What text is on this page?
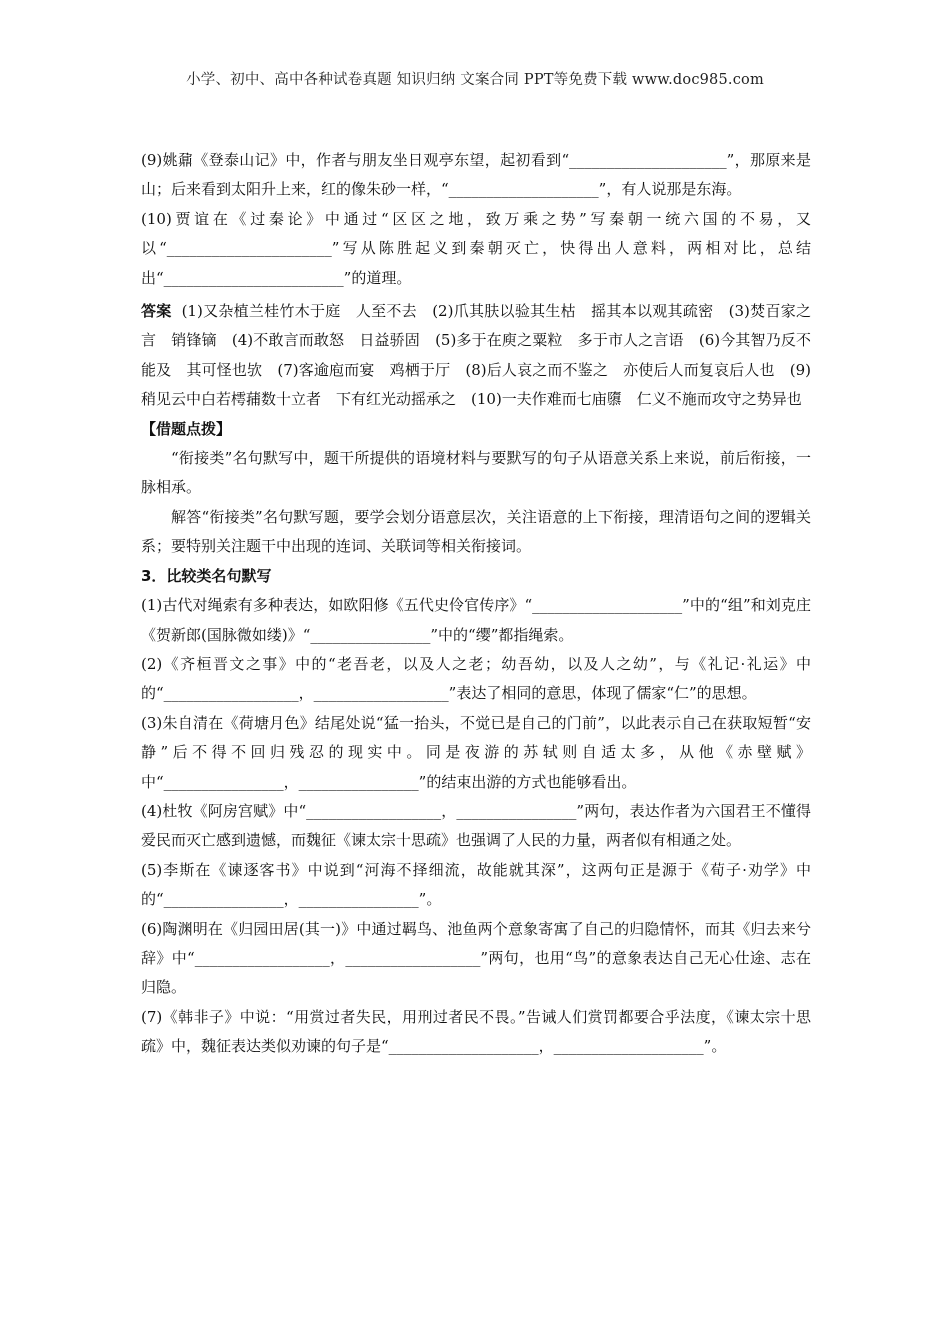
小学、初中、高中各种试卷真题 知识归纳 文案合同 PPT等免费下载 www.doc985.com

(9)姚鼐《登泰山记》中，作者与朋友坐日观亭东望，起初看到“____________________​_”，那原来是山；后来看到太阳升上来，红的像朱砂一样，“____________________”，有人说那是东海。

(10)贾谊在《过秦论》中通过“区区之地，致万乘之势”写秦朝一统六国的不易，又以“______________________”写从陈胜起义到秦朝灭亡，快得出人意料，两相对比，总结出“________________________”的道理。

答案 (1)又杂植兰桂竹木于庭　人至不去　(2)爪其肤以验其生枯　摇其本以观其疏密　(3)焚百家之言　销锋镝　(4)不敢言而敢怒　日益骄固　(5)多于在庾之粟粒　多于市人之言语　(6)今其智乃反不能及　其可怪也欤　(7)客逾庖而宴　鸡栖于厅　(8)后人哀之而不鉴之　亦使后人而复哀后人也　(9)稍见云中白若樗蒱数十立者　下有红光动摇承之　(10)一夫作难而七庙隳　仁义不施而攻守之势异也

【借题点拨】

“衔接类”名句默写中，题干所提供的语境材料与要默写的句子从语意关系上来说，前后衔接，一脉相承。

解答“衔接类”名句默写题，要学会划分语意层次，关注语意的上下衔接，理清语句之间的逻辑关系；要特别关注题干中出现的连词、关联词等相关衔接词。

3．比较类名句默写

(1)古代对绳索有多种表达，如欧阳修《五代史伶官传序》“____________________”中的“组”和刘克庄《贺新郎(国脉微如缕)》“________________”中的“缨”都指绳索。

(2)《齐桓晋文之事》中的“老吾老，以及人之老；幼吾幼，以及人之幼”，与《礼记·礼运》中的“__________________，__________________”表达了相同的意思，体现了儒家“仁”的思想。

(3)朱自清在《荷塘月色》结尾处说“猛一抬头，不觉已是自己的门前”，以此表示自己在获取短暂“安静”后不得不回归残忍的现实中。同是夜游的苏轼则自适太多，从他《赤壁赋》中“________________，________________”的结束出游的方式也能够看出。

(4)杜牧《阿房宫赋》中“__________________，________________”两句，表达作者为六国君王不懂得爱民而灭亡感到遗憾，而魏征《谏太宗十思疏》也强调了人民的力量，两者似有相通之处。

(5)李斯在《谏逐客书》中说到“河海不择细流，故能就其深”，这两句正是源于《荀子·劝学》中的“________________，________________”。

(6)陶渊明在《归园田居(其一)》中通过羁鸟、池鱼两个意象寄寓了自己的归隐情怀，而其《归去来兮辞》中“__________________，__________________”两句，也用“鸟”的意象表达自己无心仕途、志在归隐。

(7)《韩非子》中说：“用赏过者失民，用刑过者民不畏。”告诫人们赏罚都要合乎法度，《谏太宗十思疏》中，魏征表达类似劝谏的句子是“____________________，____________________”。
